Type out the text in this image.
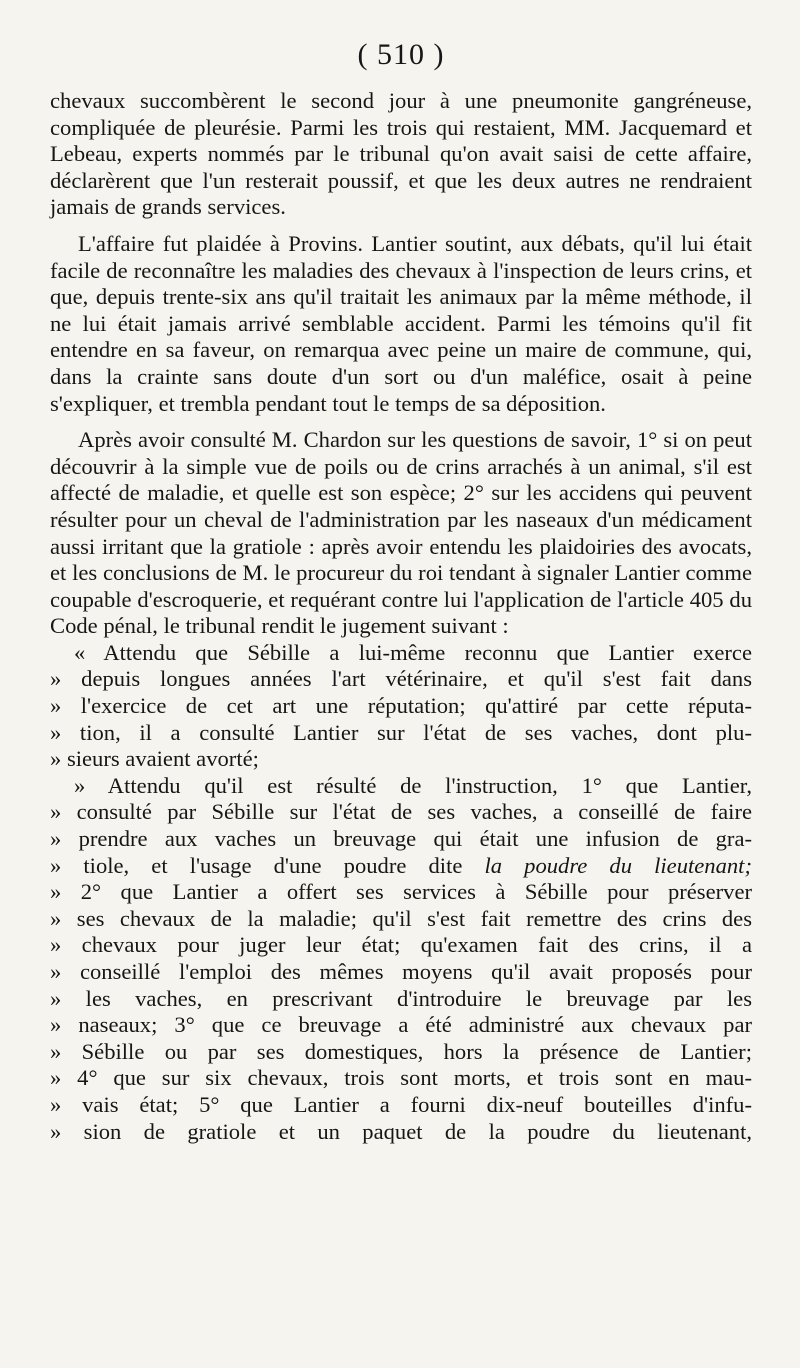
( 510 )

chevaux succombèrent le second jour à une pneumonite gangréneuse, compliquée de pleurésie. Parmi les trois qui restaient, MM. Jacquemard et Lebeau, experts nommés par le tribunal qu'on avait saisi de cette affaire, déclarèrent que l'un resterait poussif, et que les deux autres ne rendraient jamais de grands services.

L'affaire fut plaidée à Provins. Lantier soutint, aux débats, qu'il lui était facile de reconnaître les maladies des chevaux à l'inspection de leurs crins, et que, depuis trente-six ans qu'il traitait les animaux par la même méthode, il ne lui était jamais arrivé semblable accident. Parmi les témoins qu'il fit entendre en sa faveur, on remarqua avec peine un maire de commune, qui, dans la crainte sans doute d'un sort ou d'un maléfice, osait à peine s'expliquer, et trembla pendant tout le temps de sa déposition.

Après avoir consulté M. Chardon sur les questions de savoir, 1° si on peut découvrir à la simple vue de poils ou de crins arrachés à un animal, s'il est affecté de maladie, et quelle est son espèce; 2° sur les accidens qui peuvent résulter pour un cheval de l'administration par les naseaux d'un médicament aussi irritant que la gratiole : après avoir entendu les plaidoiries des avocats, et les conclusions de M. le procureur du roi tendant à signaler Lantier comme coupable d'escroquerie, et requérant contre lui l'application de l'article 405 du Code pénal, le tribunal rendit le jugement suivant :

« Attendu que Sébille a lui-même reconnu que Lantier exerce
» depuis longues années l'art vétérinaire, et qu'il s'est fait dans
» l'exercice de cet art une réputation; qu'attiré par cette réputa-
» tion, il a consulté Lantier sur l'état de ses vaches, dont plu-
» sieurs avaient avorté;
» Attendu qu'il est résulté de l'instruction, 1° que Lantier,
» consulté par Sébille sur l'état de ses vaches, a conseillé de faire
» prendre aux vaches un breuvage qui était une infusion de gra-
» tiole, et l'usage d'une poudre dite la poudre du lieutenant;
» 2° que Lantier a offert ses services à Sébille pour préserver
» ses chevaux de la maladie; qu'il s'est fait remettre des crins des
» chevaux pour juger leur état; qu'examen fait des crins, il a
» conseillé l'emploi des mêmes moyens qu'il avait proposés pour
» les vaches, en prescrivant d'introduire le breuvage par les
» naseaux; 3° que ce breuvage a été administré aux chevaux par
» Sébille ou par ses domestiques, hors la présence de Lantier;
» 4° que sur six chevaux, trois sont morts, et trois sont en mau-
» vais état; 5° que Lantier a fourni dix-neuf bouteilles d'infu-
» sion de gratiole et un paquet de la poudre du lieutenant,
